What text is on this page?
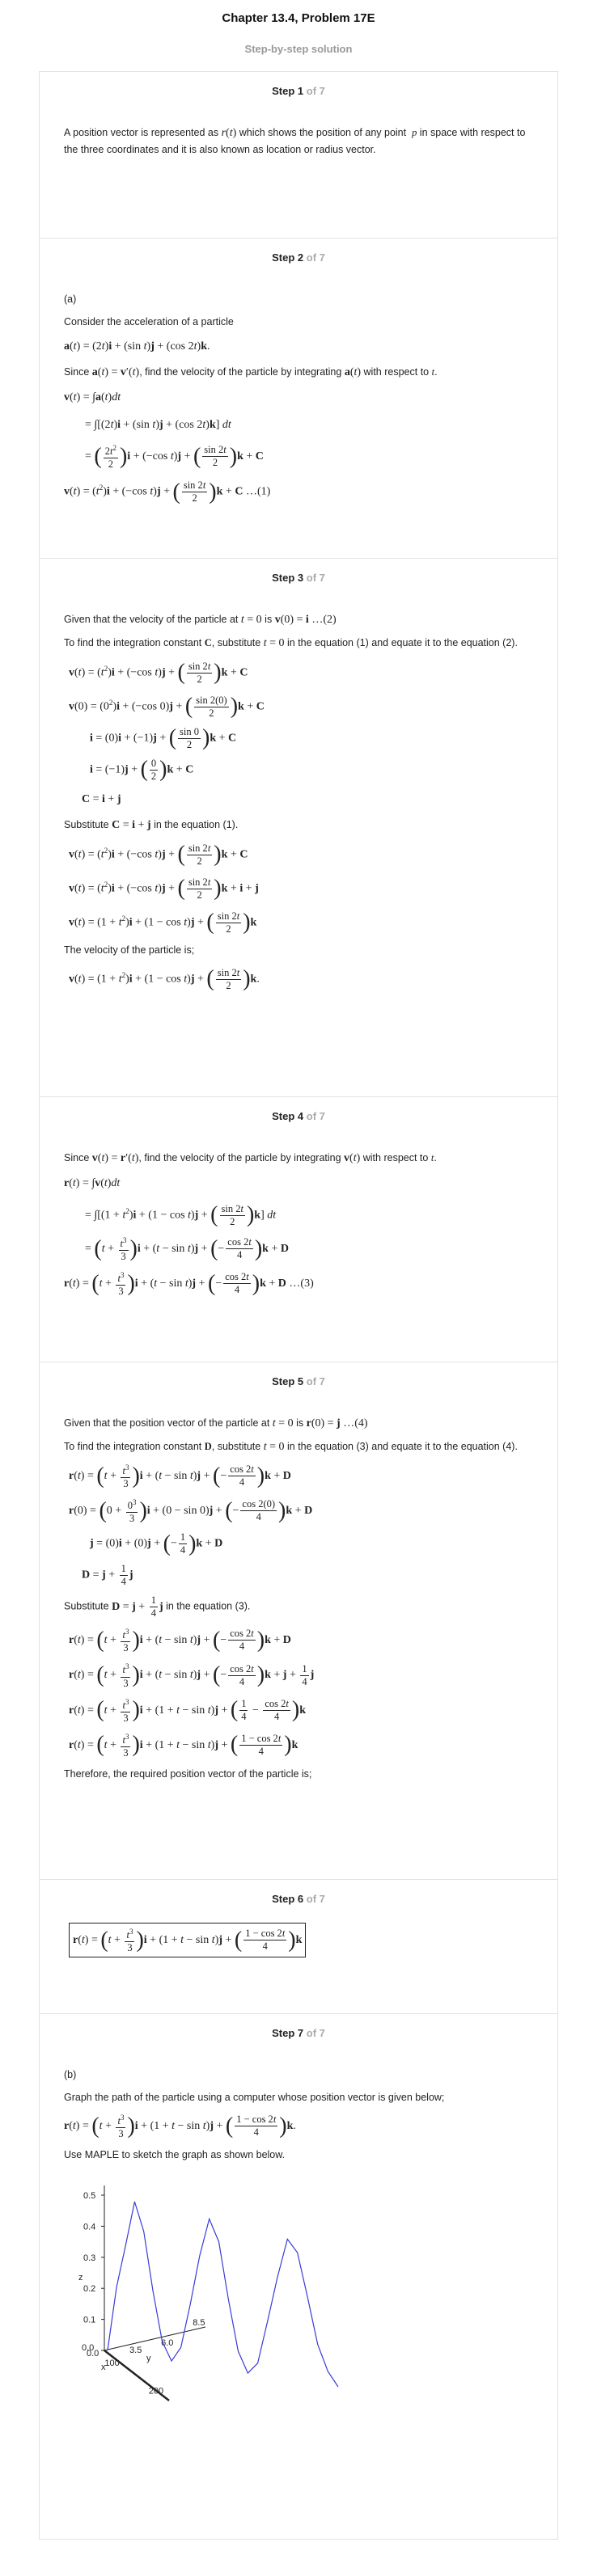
Chapter 13.4, Problem 17E
Step-by-step solution
Step 1 of 7

A position vector is represented as r(t) which shows the position of any point p in space with respect to the three coordinates and it is also known as location or radius vector.

Step 2 of 7

(a)

Consider the acceleration of a particle

a(t) = (2t)i + (sin t)j + (cos 2t)k.

Since a(t) = v′(t), find the velocity of the particle by integrating a(t) with respect to t.

v(t) = ∫a(t)dt
= ∫[(2t)i + (sin t)j + (cos 2t)k] dt
= ( $\frac{2t^2}{2} )i + (-\cos$ t)j + ( $\frac{\sin 2t}{2} )k + C$
$v(t) = (t^2)i + (-\cos$ t)j + ( $\frac{\sin 2t}{2} )k + C$ …(1)
Step 3 of 7

Given that the velocity of the particle at t = 0 is v(0) = i …(2)

To find the integration constant C, substitute t = 0 in the equation (1) and equate it to the equation (2).

$v(t) = (t^2)i + (-\cos$ t)j + ( $\frac{\sin 2t}{2} )k + C$
$v(0) = (0^2)i + (-\cos$ 0)j + ( $\frac{\sin 2(0)}{2} )k + C$
i = (0)i + (−1)j + ( $\frac{\sin 0}{2} )k + C$
i = (−1)j + ( $\frac{0}{2} )k + C$
C = i + j

Substitute C = i + j in the equation (1).

$v(t) = (t^2)i + (-\cos$ t)j + ( $\frac{\sin 2t}{2} )k + C$
$v(t) = (t^2)i + (-\cos$ t)j + ( $\frac{\sin 2t}{2} )k + i + j$
$v(t) = (1 + t^2)i + (1 - \cos t)j$ + ( $\frac{\sin 2t}{2} )k$

The velocity of the particle is;

$v(t) = (1 + t^2)i + (1 - \cos t)j$ + ( $\frac{\sin 2t}{2} )k$.
Step 4 of 7

Since v(t) = r′(t), find the velocity of the particle by integrating v(t) with respect to t.

r(t) = ∫v(t)dt
= $\int[(1 + t^2)i + (1 - \cos t)j$ + ( $\frac{\sin 2t}{2} )k$] dt
= $(t + \frac{t^3}{3} )i + (t - \sin t)j$ + (− $\frac{\cos 2t}{4} )k + D$
$r(t) = (t + \frac{t^3}{3} )i + (t - \sin t)j$ + (− $\frac{\cos 2t}{4} )k + D$ …(3)
Step 5 of 7

Given that the position vector of the particle at t = 0 is r(0) = j …(4)

To find the integration constant D, substitute t = 0 in the equation (3) and equate it to the equation (4).

$r(t) = (t + \frac{t^3}{3} )i + (t - \sin t)j$ + (− $\frac{\cos 2t}{4} )k + D$
$r(0) = (0 + \frac{0^3}{3} )i + (0 - \sin 0)j$ + (− $\frac{\cos 2(0)}{4} )k + D$
j = (0)i + (0)j + (− $\frac{1}{4} )k + D$
$D = j + \frac{1}{4}$ j

Substitute $D = j + \frac{1}{4}$ j in the equation (3).

$r(t) = (t + \frac{t^3}{3} )i + (t - \sin t)j$ + (− $\frac{\cos 2t}{4} )k + D$
$r(t) = (t + \frac{t^3}{3} )i + (t - \sin t)j$ + (− $\frac{\cos 2t}{4} )k + j + \frac{1}{4}$ j
$r(t) = (t + \frac{t^3}{3} )i + (1 + t - \sin t)j$ + ( $\frac{1}{4} - \frac{\cos 2t}{4} )k$
$r(t) = (t + \frac{t^3}{3} )i + (1 + t - \sin t)j$ + ( $\frac{1 - \cos 2t}{4} )k$

Therefore, the required position vector of the particle is;

Step 6 of 7
$r(t) = (t + \frac{t^3}{3} )i + (1 + t - \sin t)j$ + ( $\frac{1 - \cos 2t}{4} )k$
Step 7 of 7

(b)

Graph the path of the particle using a computer whose position vector is given below;

$r(t) = (t + \frac{t^3}{3} )i + (1 + t - \sin t)j$ + ( $\frac{1 - \cos 2t}{4} )k$.

Use MAPLE to sketch the graph as shown below.

0.5
0.4
0.3
0.2
0.1
3.5
6.0
8.5
100
200
z
y
x
0.0
0.0
